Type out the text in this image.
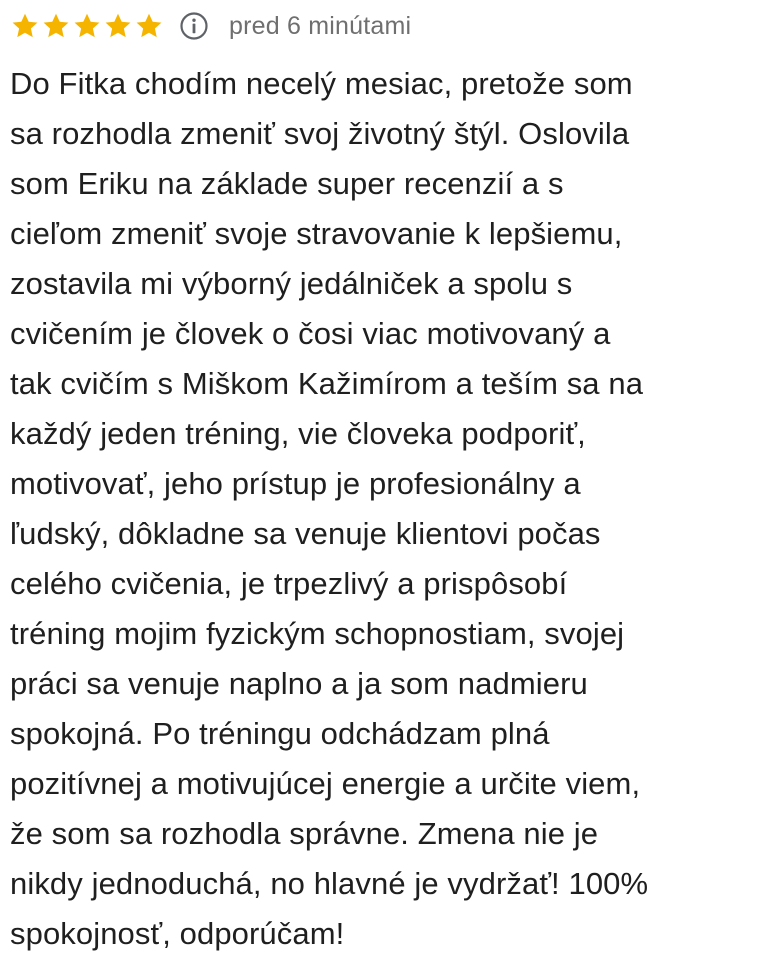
pred 6 minútami

Do Fitka chodím necelý mesiac, pretože som
sa rozhodla zmeniť svoj životný štýl. Oslovila
som Eriku na základe super recenzií a s
cieľom zmeniť svoje stravovanie k lepšiemu,
zostavila mi výborný jedálniček a spolu s
cvičením je človek o čosi viac motivovaný a
tak cvičím s Miškom Kažimírom a teším sa na
každý jeden tréning, vie človeka podporiť,
motivovať, jeho prístup je profesionálny a
ľudský, dôkladne sa venuje klientovi počas
celého cvičenia, je trpezlivý a prispôsobí
tréning mojim fyzickým schopnostiam, svojej
práci sa venuje naplno a ja som nadmieru
spokojná. Po tréningu odchádzam plná
pozitívnej a motivujúcej energie a určite viem,
že som sa rozhodla správne. Zmena nie je
nikdy jednoduchá, no hlavné je vydržať! 100%
spokojnosť, odporúčam!
